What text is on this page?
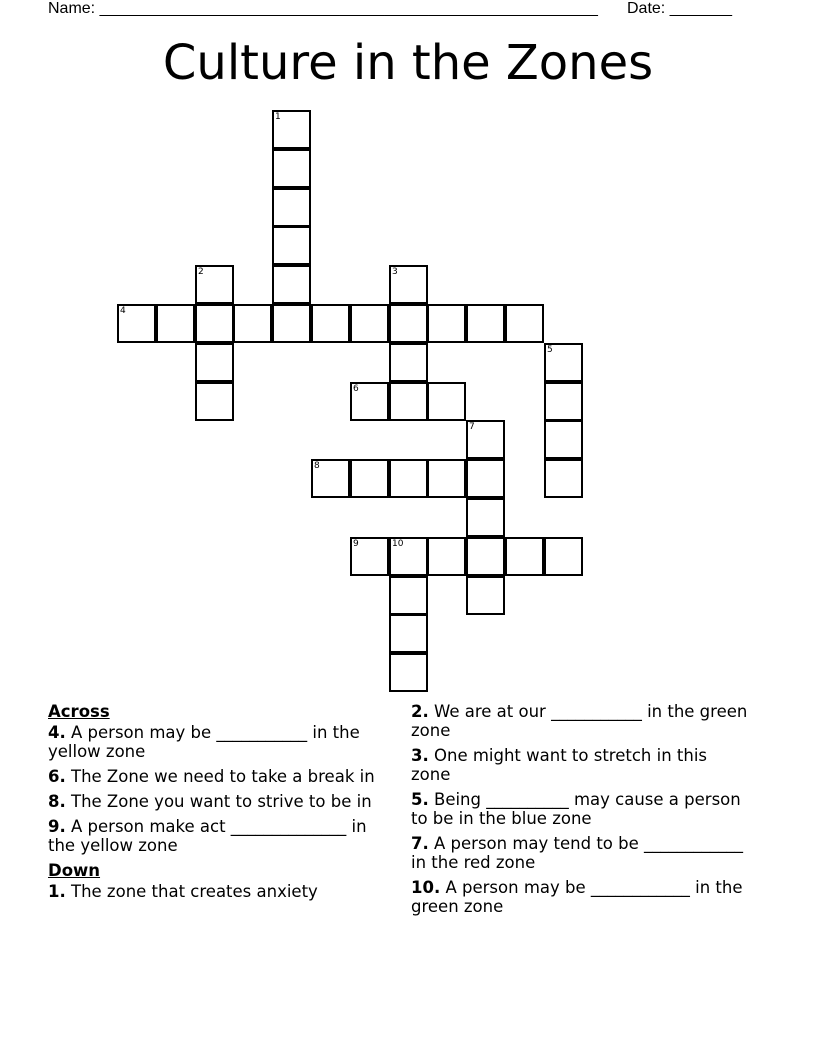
Name: ________________________________________________________ Date: _______
Culture in the Zones
1
2	3
4
5
6
7
8
9	10
Across
4. A person may be ___________ in the yellow zone
6. The Zone we need to take a break in
8. The Zone you want to strive to be in
9. A person make act ______________ in the yellow zone
Down
1. The zone that creates anxiety
2. We are at our ___________ in the green zone
3. One might want to stretch in this zone
5. Being __________ may cause a person to be in the blue zone
7. A person may tend to be ____________ in the red zone
10. A person may be ____________ in the green zone
